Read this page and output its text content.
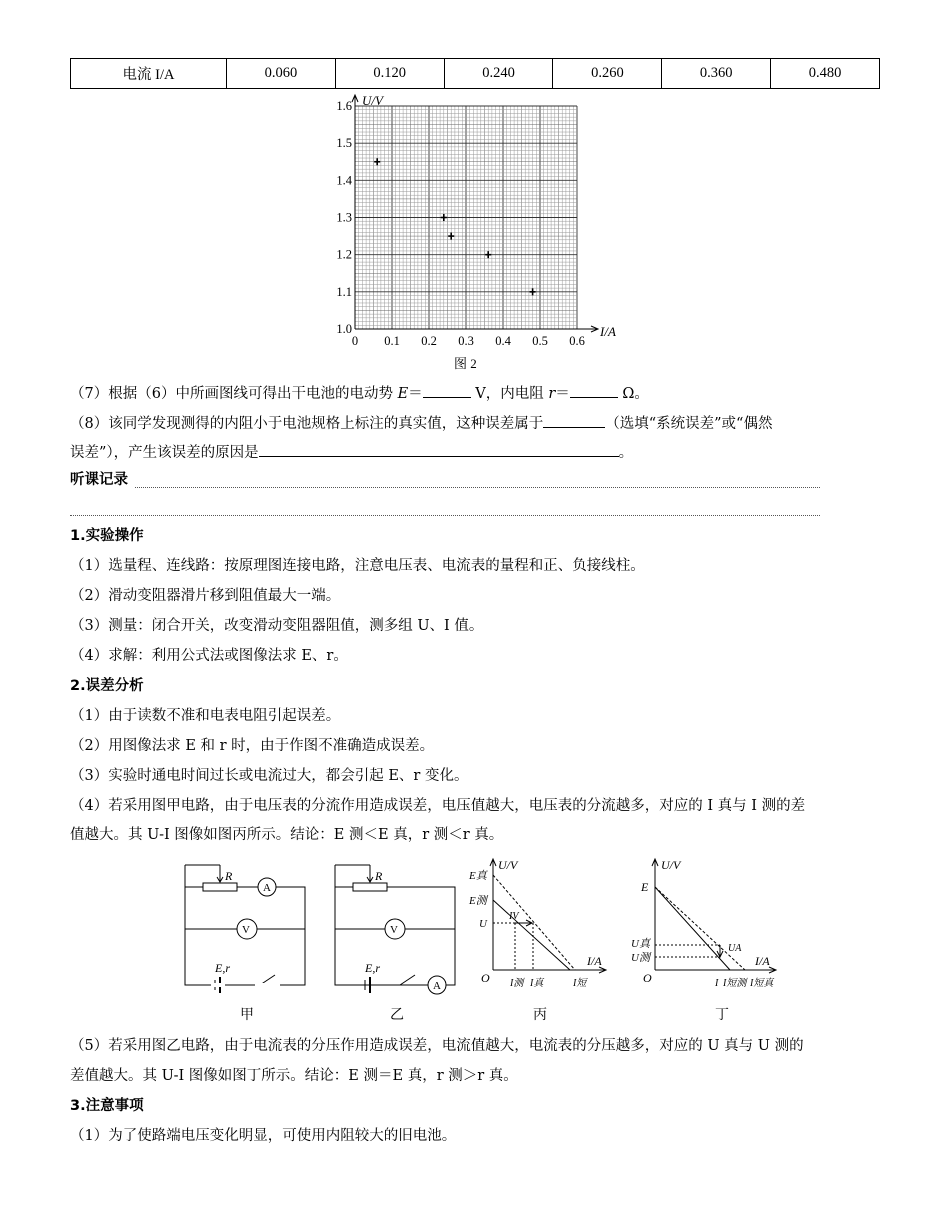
电流 I/A	0.060	0.120	0.240	0.260	0.360	0.480
U/V
I/A
1.0
1.1
1.2
1.3
1.4
1.5
1.6
0 0.1 0.2 0.3 0.4 0.5 0.6
图 2
（7）根据（6）中所画图线可得出干电池的电动势 E＝	V，内电阻 r＝	Ω。
（8）该同学发现测得的内阻小于电池规格上标注的真实值，这种误差属于	（选填“系统误差”或“偶然
误差”），产生该误差的原因是	。
听课记录
1.实验操作
（1）选量程、连线路：按原理图连接电路，注意电压表、电流表的量程和正、负接线柱。
（2）滑动变阻器滑片移到阻值最大一端。
（3）测量：闭合开关，改变滑动变阻器阻值，测多组 U、I 值。
（4）求解：利用公式法或图像法求 E、r。
2.误差分析
（1）由于读数不准和电表电阻引起误差。
（2）用图像法求 E 和 r 时，由于作图不准确造成误差。
（3）实验时通电时间过长或电流过大，都会引起 E、r 变化。
（4）若采用图甲电路，由于电压表的分流作用造成误差，电压值越大，电压表的分流越多，对应的 I 真与 I 测的差
值越大。其 U-I 图像如图丙所示。结论：E 测＜E 真，r 测＜r 真。
R
A
V
E,r
甲
R
V
A
E,r
乙
U/V
I/A
O
E真
E测
U
IV
I测 I真	I短
丙
U/V
I/A
O
E
U真
U测
UA
I I短测 I短真
丁
（5）若采用图乙电路，由于电流表的分压作用造成误差，电流值越大，电流表的分压越多，对应的 U 真与 U 测的
差值越大。其 U-I 图像如图丁所示。结论：E 测＝E 真，r 测＞r 真。
3.注意事项
（1）为了使路端电压变化明显，可使用内阻较大的旧电池。
